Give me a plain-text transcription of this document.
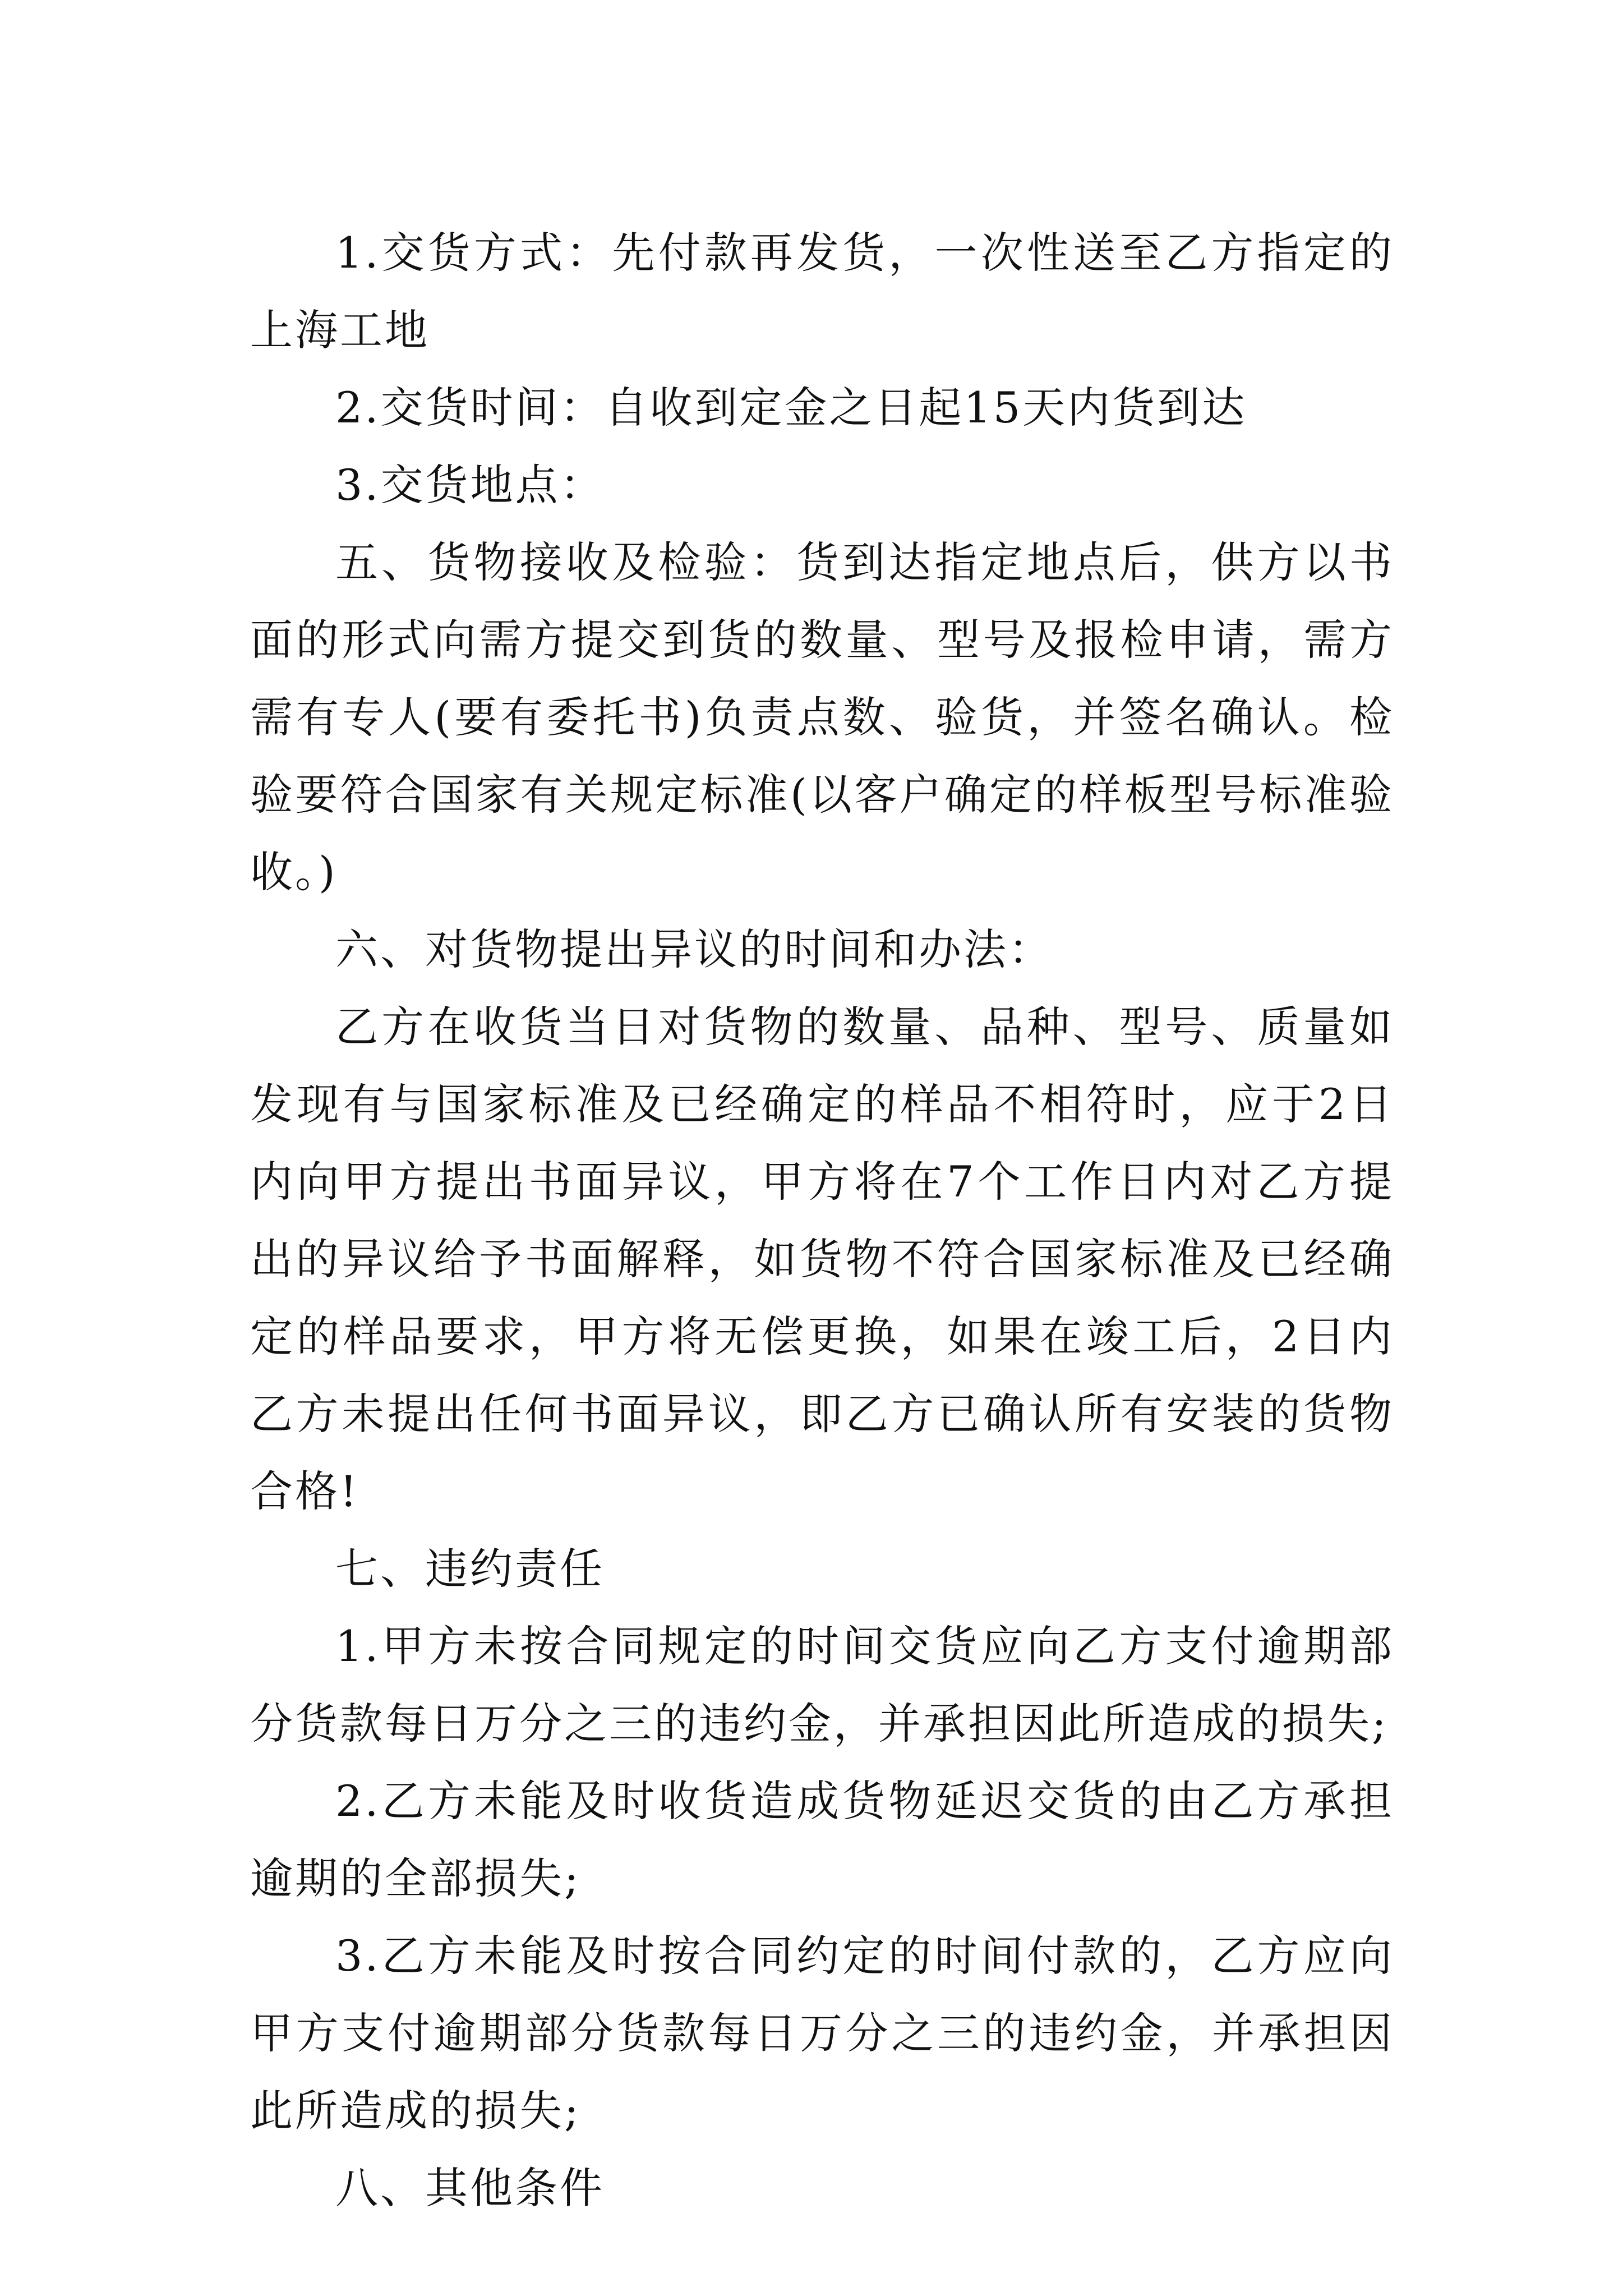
1.交货方式：先付款再发货，一次性送至乙方指定的上海工地

2.交货时间：自收到定金之日起15天内货到达

3.交货地点：

五、货物接收及检验：货到达指定地点后，供方以书面的形式向需方提交到货的数量、型号及报检申请，需方需有专人(要有委托书)负责点数、验货，并签名确认。检验要符合国家有关规定标准(以客户确定的样板型号标准验收。)

六、对货物提出异议的时间和办法：

乙方在收货当日对货物的数量、品种、型号、质量如发现有与国家标准及已经确定的样品不相符时，应于2日内向甲方提出书面异议，甲方将在7个工作日内对乙方提出的异议给予书面解释，如货物不符合国家标准及已经确定的样品要求，甲方将无偿更换，如果在竣工后，2日内乙方未提出任何书面异议，即乙方已确认所有安装的货物合格!

七、违约责任

1.甲方未按合同规定的时间交货应向乙方支付逾期部分货款每日万分之三的违约金，并承担因此所造成的损失;

2.乙方未能及时收货造成货物延迟交货的由乙方承担逾期的全部损失;

3.乙方未能及时按合同约定的时间付款的，乙方应向甲方支付逾期部分货款每日万分之三的违约金，并承担因此所造成的损失;

八、其他条件
